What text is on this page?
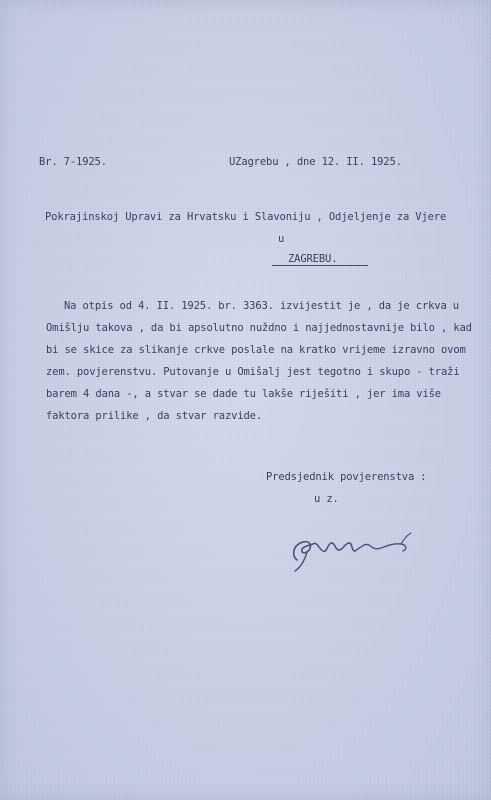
Br. 7-1925.	UZagrebu , dne 12. II. 1925.
Pokrajinskoj Upravi za Hrvatsku i Slavoniju , Odjeljenje za Vjere
u
ZAGREBU.
Na otpis od 4. II. 1925. br. 3363. izvijestit je , da je crkva u
Omišlju takova , da bi apsolutno nuždno i najjednostavnije bilo , kad
bi se skice za slikanje crkve poslale na kratko vrijeme izravno ovom
zem. povjerenstvu. Putovanje u Omišalj jest tegotno i skupo - traži
barem 4 dana -, a stvar se dade tu lakše riješiti , jer ima više
faktora prilike , da stvar razvide.
Predsjednik povjerenstva :
u z.
